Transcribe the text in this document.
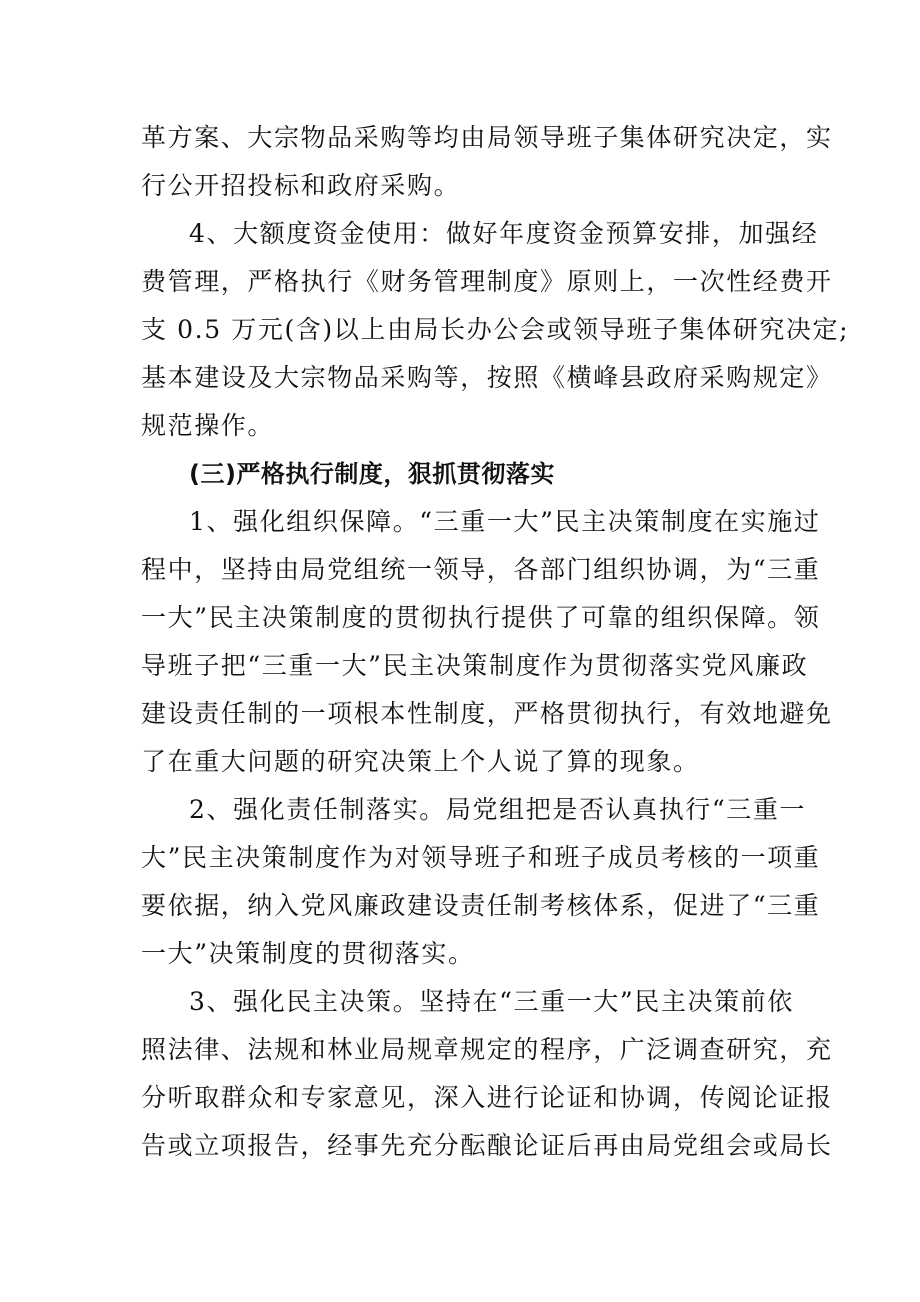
革方案、大宗物品采购等均由局领导班子集体研究决定，实
行公开招投标和政府采购。
4、大额度资金使用：做好年度资金预算安排，加强经
费管理，严格执行《财务管理制度》原则上，一次性经费开
支 0.5 万元(含)以上由局长办公会或领导班子集体研究决定;
基本建设及大宗物品采购等，按照《横峰县政府采购规定》
规范操作。
(三)严格执行制度，狠抓贯彻落实
1、强化组织保障。“三重一大”民主决策制度在实施过
程中，坚持由局党组统一领导，各部门组织协调，为“三重
一大”民主决策制度的贯彻执行提供了可靠的组织保障。领
导班子把“三重一大”民主决策制度作为贯彻落实党风廉政
建设责任制的一项根本性制度，严格贯彻执行，有效地避免
了在重大问题的研究决策上个人说了算的现象。
2、强化责任制落实。局党组把是否认真执行“三重一
大”民主决策制度作为对领导班子和班子成员考核的一项重
要依据，纳入党风廉政建设责任制考核体系，促进了“三重
一大”决策制度的贯彻落实。
3、强化民主决策。坚持在“三重一大”民主决策前依
照法律、法规和林业局规章规定的程序，广泛调查研究，充
分听取群众和专家意见，深入进行论证和协调，传阅论证报
告或立项报告，经事先充分酝酿论证后再由局党组会或局长
